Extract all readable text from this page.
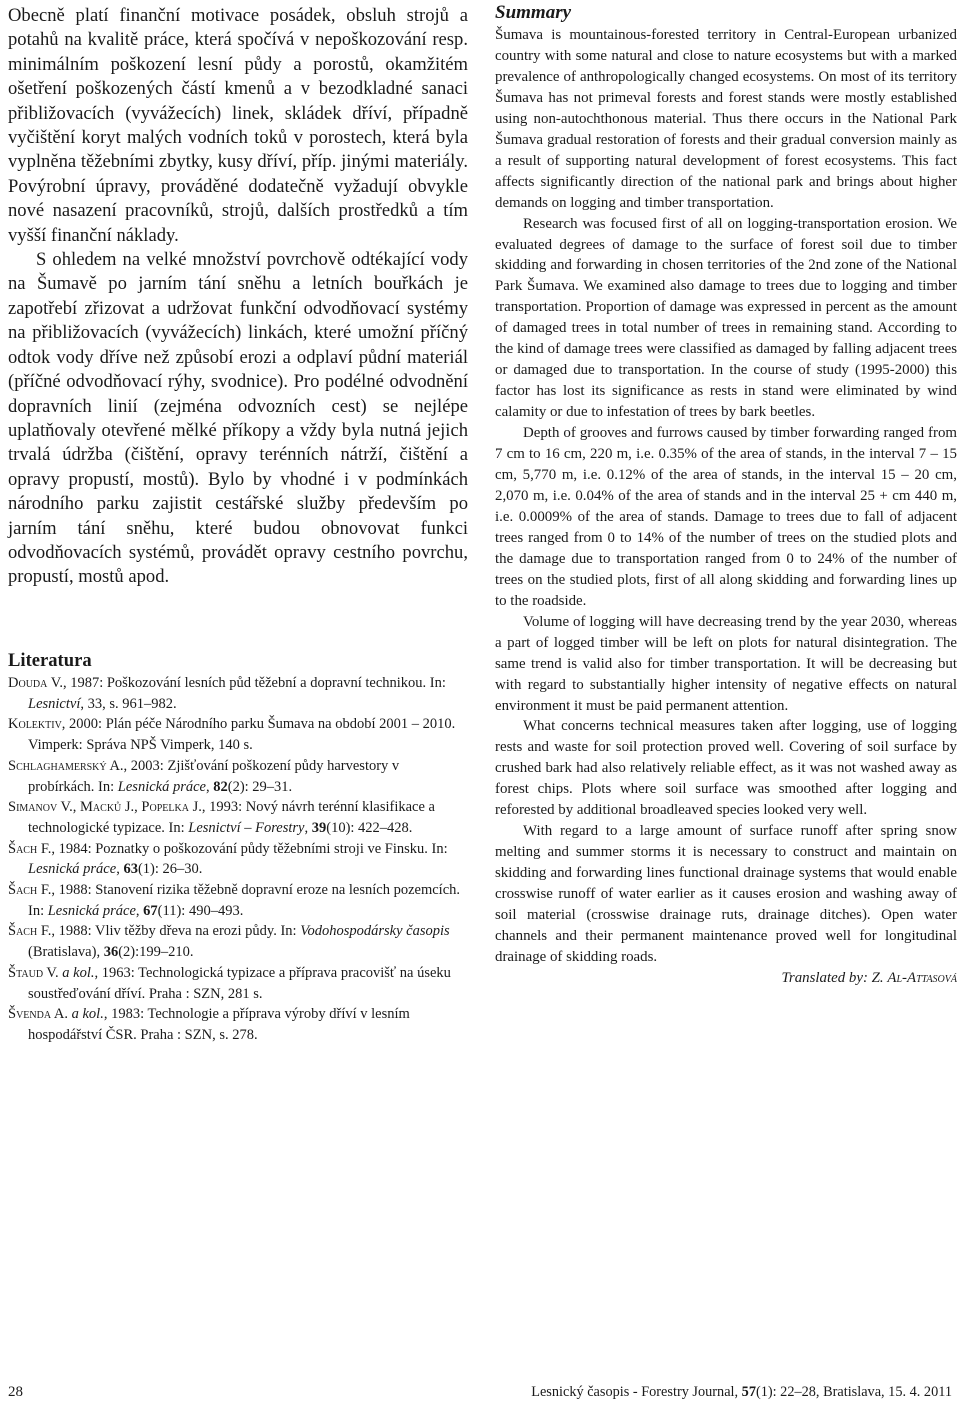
Obecně platí finanční motivace posádek, obsluh strojů a potahů na kvalitě práce, která spočívá v nepoškozování resp. minimálním poškození lesní půdy a porostů, okamžitém ošetření poškozených částí kmenů a v bezodkladné sanaci přibližovacích (vyvážecích) linek, skládek dříví, případně vyčištění koryt malých vodních toků v porostech, která byla vyplněna těžebními zbytky, kusy dříví, příp. jinými materiály. Povýrobní úpravy, prováděné dodatečně vyžadují obvykle nové nasazení pracovníků, strojů, dalších prostředků a tím vyšší finanční náklady.

S ohledem na velké množství povrchově odtékající vody na Šumavě po jarním tání sněhu a letních bouřkách je zapotřebí zřizovat a udržovat funkční odvodňovací systémy na přibližovacích (vyvážecích) linkách, které umožní příčný odtok vody dříve než způsobí erozi a odplaví půdní materiál (příčné odvodňovací rýhy, svodnice). Pro podélné odvodnění dopravních linií (zejména odvozních cest) se nejlépe uplatňovaly otevřené mělké příkopy a vždy byla nutná jejich trvalá údržba (čištění, opravy terénních nátrží, čištění a opravy propustí, mostů). Bylo by vhodné i v podmínkách národního parku zajistit cestářské služby především po jarním tání sněhu, které budou obnovovat funkci odvodňovacích systémů, provádět opravy cestního povrchu, propustí, mostů apod.

Literatura

Douda V., 1987: Poškozování lesních půd těžební a dopravní technikou. In: Lesnictví, 33, s. 961–982.

Kolektiv, 2000: Plán péče Národního parku Šumava na období 2001 – 2010. Vimperk: Správa NPŠ Vimperk, 140 s.

Schlaghamerský A., 2003: Zjišťování poškození půdy harvestory v probírkách. In: Lesnická práce, 82(2): 29–31.

Simanov V., Macků J., Popelka J., 1993: Nový návrh terénní klasifikace a technologické typizace. In: Lesnictví – Forestry, 39(10): 422–428.

Šach F., 1984: Poznatky o poškozování půdy těžebními stroji ve Finsku. In: Lesnická práce, 63(1): 26–30.

Šach F., 1988: Stanovení rizika těžebně dopravní eroze na lesních pozemcích. In: Lesnická práce, 67(11): 490–493.

Šach F., 1988: Vliv těžby dřeva na erozi půdy. In: Vodohospodársky časopis (Bratislava), 36(2):199–210.

Štaud V. a kol., 1963: Technologická typizace a příprava pracovišť na úseku soustřeďování dříví. Praha : SZN, 281 s.

Švenda A. a kol., 1983: Technologie a příprava výroby dříví v lesním hospodářství ČSR. Praha : SZN, s. 278.

Summary

Šumava is mountainous-forested territory in Central-European urbanized country with some natural and close to nature ecosystems but with a marked prevalence of anthropologically changed ecosystems. On most of its territory Šumava has not primeval forests and forest stands were mostly established using non-autochthonous material. Thus there occurs in the National Park Šumava gradual restoration of forests and their gradual conversion mainly as a result of supporting natural development of forest ecosystems. This fact affects significantly direction of the national park and brings about higher demands on logging and timber transportation.

Research was focused first of all on logging-transportation erosion. We evaluated degrees of damage to the surface of forest soil due to timber skidding and forwarding in chosen territories of the 2nd zone of the National Park Šumava. We examined also damage to trees due to logging and timber transportation. Proportion of damage was expressed in percent as the amount of damaged trees in total number of trees in remaining stand. According to the kind of damage trees were classified as damaged by falling adjacent trees or damaged due to transportation. In the course of study (1995-2000) this factor has lost its significance as rests in stand were eliminated by wind calamity or due to infestation of trees by bark beetles.

Depth of grooves and furrows caused by timber forwarding ranged from 7 cm to 16 cm, 220 m, i.e. 0.35% of the area of stands, in the interval 7 – 15 cm, 5,770 m, i.e. 0.12% of the area of stands, in the interval 15 – 20 cm, 2,070 m, i.e. 0.04% of the area of stands and in the interval 25 + cm 440 m, i.e. 0.0009% of the area of stands. Damage to trees due to fall of adjacent trees ranged from 0 to 14% of the number of trees on the studied plots and the damage due to transportation ranged from 0 to 24% of the number of trees on the studied plots, first of all along skidding and forwarding lines up to the roadside.

Volume of logging will have decreasing trend by the year 2030, whereas a part of logged timber will be left on plots for natural disintegration. The same trend is valid also for timber transportation. It will be decreasing but with regard to substantially higher intensity of negative effects on natural environment it must be paid permanent attention.

What concerns technical measures taken after logging, use of logging rests and waste for soil protection proved well. Covering of soil surface by crushed bark had also relatively reliable effect, as it was not washed away as forest chips. Plots where soil surface was smoothed after logging and reforested by additional broadleaved species looked very well.

With regard to a large amount of surface runoff after spring snow melting and summer storms it is necessary to construct and maintain on skidding and forwarding lines functional drainage systems that would enable crosswise runoff of water earlier as it causes erosion and washing away of soil material (crosswise drainage ruts, drainage ditches). Open water channels and their permanent maintenance proved well for longitudinal drainage of skidding roads.

Translated by: Z. Al-Attasová

28	Lesnický časopis - Forestry Journal, 57(1): 22–28, Bratislava, 15. 4. 2011
